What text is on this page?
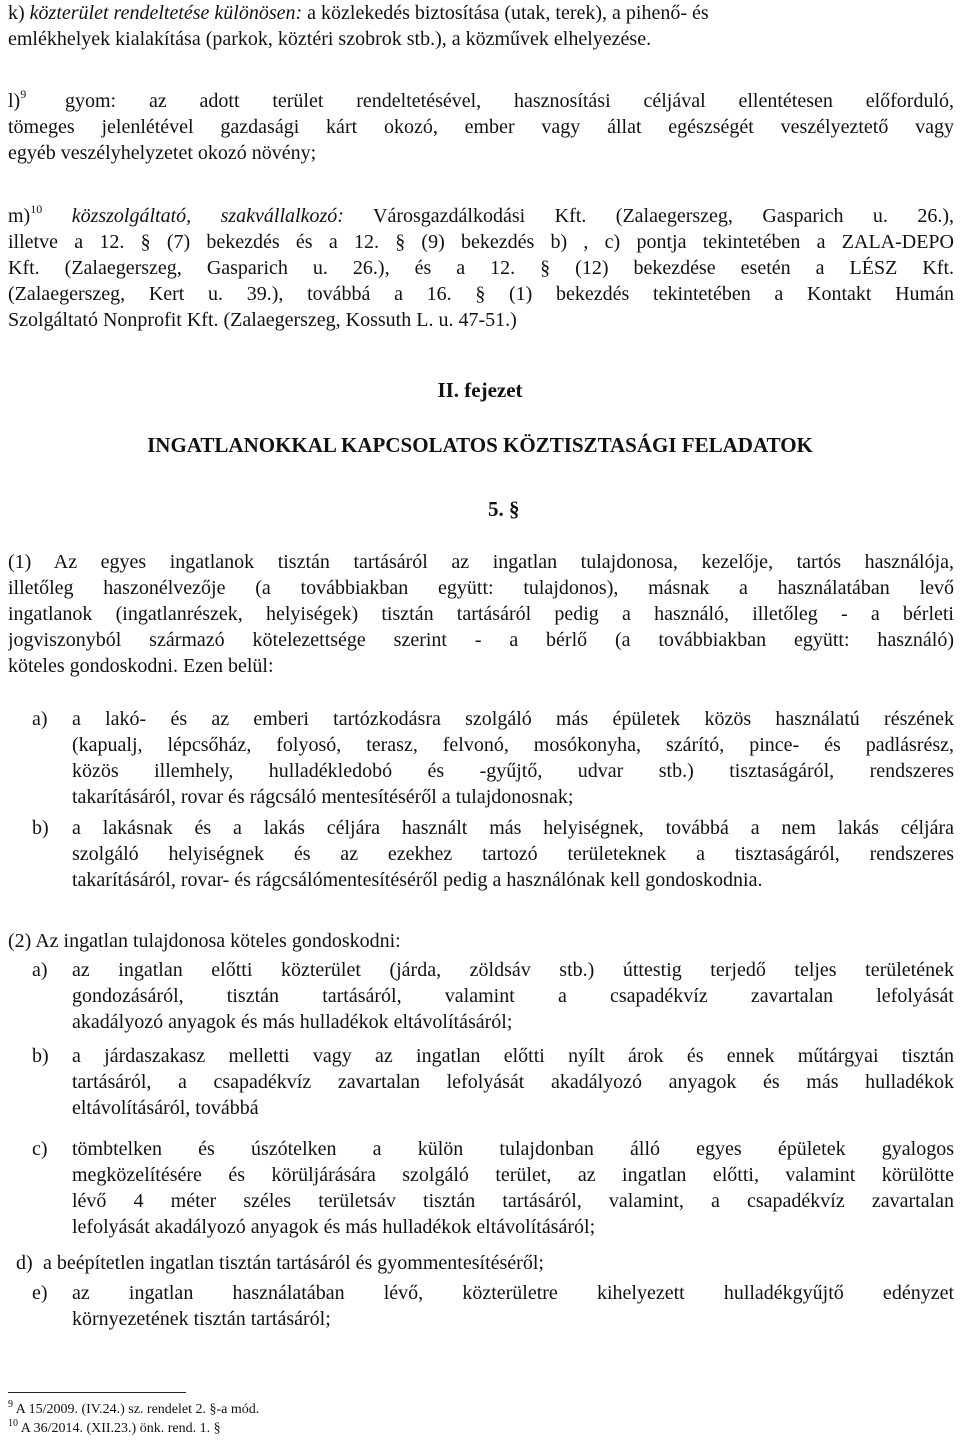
k) közterület rendeltetése különösen: a közlekedés biztosítása (utak, terek), a pihenő- és
emlékhelyek kialakítása (parkok, köztéri szobrok stb.), a közművek elhelyezése.
l)$^9$ gyom: az adott terület rendeltetésével, hasznosítási céljával ellentétesen előforduló,
tömeges jelenlétével gazdasági kárt okozó, ember vagy állat egészségét veszélyeztető vagy
egyéb veszélyhelyzetet okozó növény;
m)$^{10}$ közszolgáltató, szakvállalkozó: Városgazdálkodási Kft. (Zalaegerszeg, Gasparich u. 26.),
illetve a 12. § (7) bekezdés és a 12. § (9) bekezdés b) , c) pontja tekintetében a ZALA-DEPO
Kft. (Zalaegerszeg, Gasparich u. 26.), és a 12. § (12) bekezdése esetén a LÉSZ Kft.
(Zalaegerszeg, Kert u. 39.), továbbá a 16. § (1) bekezdés tekintetében a Kontakt Humán
Szolgáltató Nonprofit Kft. (Zalaegerszeg, Kossuth L. u. 47-51.)
II. fejezet
INGATLANOKKAL KAPCSOLATOS KÖZTISZTASÁGI FELADATOK
5. §
(1) Az egyes ingatlanok tisztán tartásáról az ingatlan tulajdonosa, kezelője, tartós használója,
illetőleg haszonélvezője (a továbbiakban együtt: tulajdonos), másnak a használatában levő
ingatlanok (ingatlanrészek, helyiségek) tisztán tartásáról pedig a használó, illetőleg - a bérleti
jogviszonyból származó kötelezettsége szerint - a bérlő (a továbbiakban együtt: használó)
köteles gondoskodni. Ezen belül:
a) a lakó- és az emberi tartózkodásra szolgáló más épületek közös használatú részének
(kapualj, lépcsőház, folyosó, terasz, felvonó, mosókonyha, szárító, pince- és padlásrész,
közös illemhely, hulladékledobó és -gyűjtő, udvar stb.) tisztaságáról, rendszeres
takarításáról, rovar és rágcsáló mentesítéséről a tulajdonosnak;
b) a lakásnak és a lakás céljára használt más helyiségnek, továbbá a nem lakás céljára
szolgáló helyiségnek és az ezekhez tartozó területeknek a tisztaságáról, rendszeres
takarításáról, rovar- és rágcsálómentesítéséről pedig a használónak kell gondoskodnia.
(2) Az ingatlan tulajdonosa köteles gondoskodni:
a) az ingatlan előtti közterület (járda, zöldsáv stb.) úttestig terjedő teljes területének
gondozásáról, tisztán tartásáról, valamint a csapadékvíz zavartalan lefolyását
akadályozó anyagok és más hulladékok eltávolításáról;
b) a járdaszakasz melletti vagy az ingatlan előtti nyílt árok és ennek műtárgyai tisztán
tartásáról, a csapadékvíz zavartalan lefolyását akadályozó anyagok és más hulladékok
eltávolításáról, továbbá
c) tömbtelken és úszótelken a külön tulajdonban álló egyes épületek gyalogos
megközelítésére és körüljárására szolgáló terület, az ingatlan előtti, valamint körülötte
lévő 4 méter széles területsáv tisztán tartásáról, valamint, a csapadékvíz zavartalan
lefolyását akadályozó anyagok és más hulladékok eltávolításáról;
d) a beépítetlen ingatlan tisztán tartásáról és gyommentesítéséről;
e) az ingatlan használatában lévő, közterületre kihelyezett hulladékgyűjtő edényzet
környezetének tisztán tartásáról;
$^9$ A 15/2009. (IV.24.) sz. rendelet 2. §-a mód.
$^{10}$ A 36/2014. (XII.23.) önk. rend. 1. §
